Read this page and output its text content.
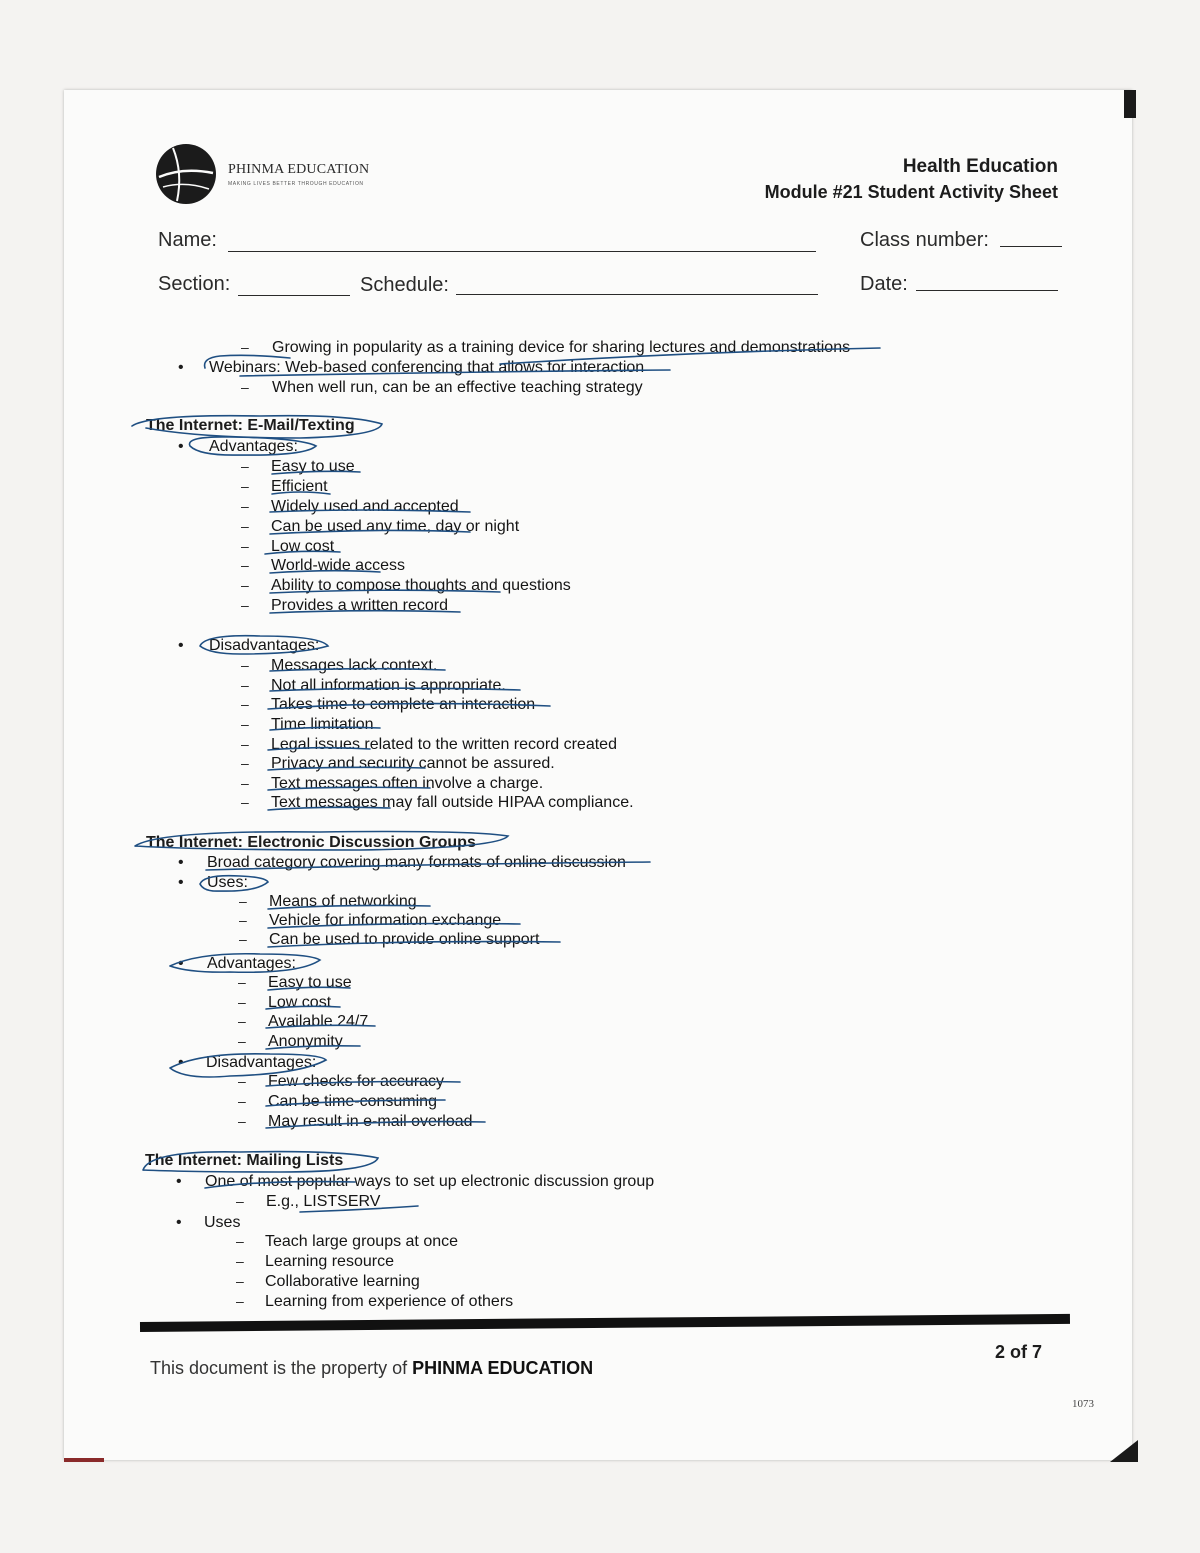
PHINMA EDUCATION
MAKING LIVES BETTER THROUGH EDUCATION
Health Education
Module #21 Student Activity Sheet
Name:	Class number:
Section:	Schedule:	Date:
– Growing in popularity as a training device for sharing lectures and demonstrations
• Webinars: Web-based conferencing that allows for interaction
– When well run, can be an effective teaching strategy
The Internet: E-Mail/Texting
• Advantages:
– Easy to use
– Efficient
– Widely used and accepted
– Can be used any time, day or night
– Low cost
– World-wide access
– Ability to compose thoughts and questions
– Provides a written record
• Disadvantages:
– Messages lack context.
– Not all information is appropriate.
– Takes time to complete an interaction
– Time limitation
– Legal issues related to the written record created
– Privacy and security cannot be assured.
– Text messages often involve a charge.
– Text messages may fall outside HIPAA compliance.
The Internet: Electronic Discussion Groups
• Broad category covering many formats of online discussion
• Uses:
– Means of networking
– Vehicle for information exchange
– Can be used to provide online support
• Advantages:
– Easy to use
– Low cost
– Available 24/7
– Anonymity
• Disadvantages:
– Few checks for accuracy
– Can be time-consuming
– May result in e-mail overload
The Internet: Mailing Lists
• One of most popular ways to set up electronic discussion group
– E.g., LISTSERV
• Uses
– Teach large groups at once
– Learning resource
– Collaborative learning
– Learning from experience of others
This document is the property of PHINMA EDUCATION
2 of 7
1073
